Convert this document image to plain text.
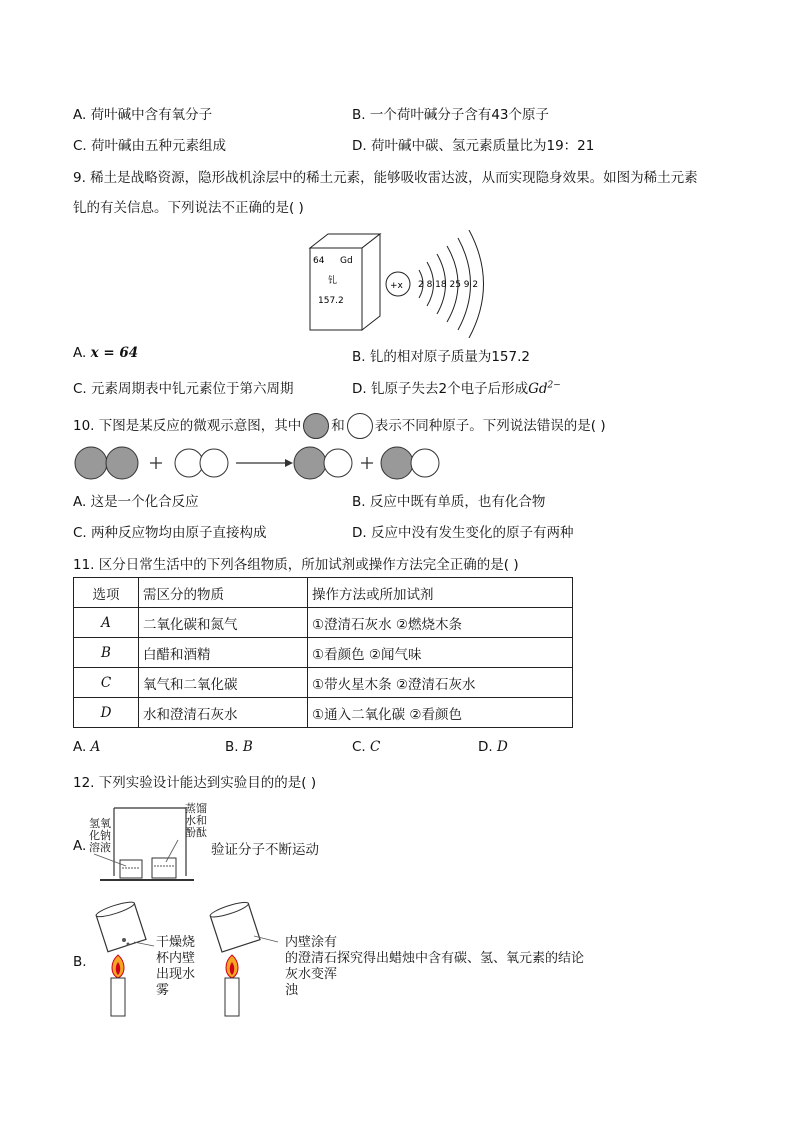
A. 荷叶碱中含有氧分子	B. 一个荷叶碱分子含有43个原子
C. 荷叶碱由五种元素组成	D. 荷叶碱中碳、氢元素质量比为19：21
9. 稀土是战略资源，隐形战机涂层中的稀土元素，能够吸收雷达波，从而实现隐身效果。如图为稀土元素
钆的有关信息。下列说法不正确的是( )
64 Gd
钆
157.2
+x 2 8 18 25 9 2
A. x = 64	B. 钆的相对原子质量为157.2
C. 元素周期表中钆元素位于第六周期	D. 钆原子失去2个电子后形成$Gd^{2-}$
10. 下图是某反应的微观示意图，其中 和 表示不同种原子。下列说法错误的是( )
A. 这是一个化合反应	B. 反应中既有单质，也有化合物
C. 两种反应物均由原子直接构成	D. 反应中没有发生变化的原子有两种
11. 区分日常生活中的下列各组物质，所加试剂或操作方法完全正确的是( )
选项	需区分的物质	操作方法或所加试剂
A	二氧化碳和氮气	①澄清石灰水 ②燃烧木条
B	白醋和酒精	①看颜色 ②闻气味
C	氧气和二氧化碳	①带火星木条 ②澄清石灰水
D	水和澄清石灰水	①通入二氧化碳 ②看颜色
A. A	B. B	C. C	D. D
12. 下列实验设计能达到实验目的的是( )
A.
氢氧
化钠
溶液
蒸馏
水和
酚酞
验证分子不断运动
B.
干燥烧
杯内壁
出现水
雾
内壁涂有
的澄清石探究得出蜡烛中含有碳、氢、氧元素的结论
灰水变浑
浊
